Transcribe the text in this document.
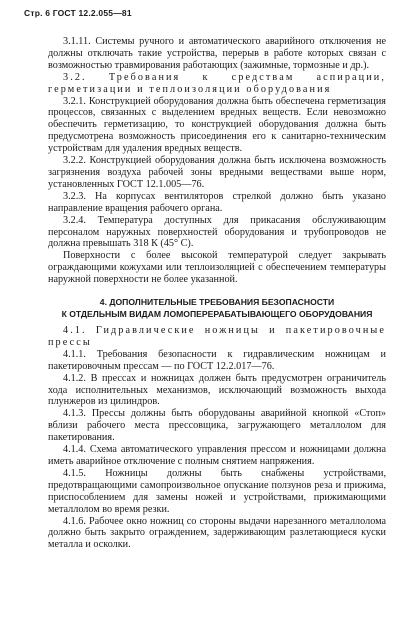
Стр. 6 ГОСТ 12.2.055—81

3.1.11. Системы ручного и автоматического аварийного отключения не должны отключать такие устройства, перерыв в работе которых связан с возможностью травмирования работающих (зажимные, тормозные и др.).

3.2. Требования к средствам аспирации, герметизации и теплоизоляции оборудования

3.2.1. Конструкцией оборудования должна быть обеспечена герметизация процессов, связанных с выделением вредных веществ. Если невозможно обеспечить герметизацию, то конструкцией оборудования должна быть предусмотрена возможность присоединения его к санитарно-техническим устройствам для удаления вредных веществ.

3.2.2. Конструкцией оборудования должна быть исключена возможность загрязнения воздуха рабочей зоны вредными веществами выше норм, установленных ГОСТ 12.1.005—76.

3.2.3. На корпусах вентиляторов стрелкой должно быть указано направление вращения рабочего органа.

3.2.4. Температура доступных для прикасания обслуживающим персоналом наружных поверхностей оборудования и трубопроводов не должна превышать 318 К (45° С).

Поверхности с более высокой температурой следует закрывать ограждающими кожухами или теплоизоляцией с обеспечением температуры наружной поверхности не более указанной.

4. ДОПОЛНИТЕЛЬНЫЕ ТРЕБОВАНИЯ БЕЗОПАСНОСТИ
К ОТДЕЛЬНЫМ ВИДАМ ЛОМОПЕРЕРАБАТЫВАЮЩЕГО ОБОРУДОВАНИЯ

4.1. Гидравлические ножницы и пакетировочные прессы

4.1.1. Требования безопасности к гидравлическим ножницам и пакетировочным прессам — по ГОСТ 12.2.017—76.

4.1.2. В прессах и ножницах должен быть предусмотрен ограничитель хода исполнительных механизмов, исключающий возможность выхода плунжеров из цилиндров.

4.1.3. Прессы должны быть оборудованы аварийной кнопкой «Стоп» вблизи рабочего места прессовщика, загружающего металлолом для пакетирования.

4.1.4. Схема автоматического управления прессом и ножницами должна иметь аварийное отключение с полным снятием напряжения.

4.1.5. Ножницы должны быть снабжены устройствами, предотвращающими самопроизвольное опускание ползунов реза и прижима, приспособлением для замены ножей и устройствами, прижимающими металлолом во время резки.

4.1.6. Рабочее окно ножниц со стороны выдачи нарезанного металлолома должно быть закрыто ограждением, задерживающим разлетающиеся куски металла и осколки.
